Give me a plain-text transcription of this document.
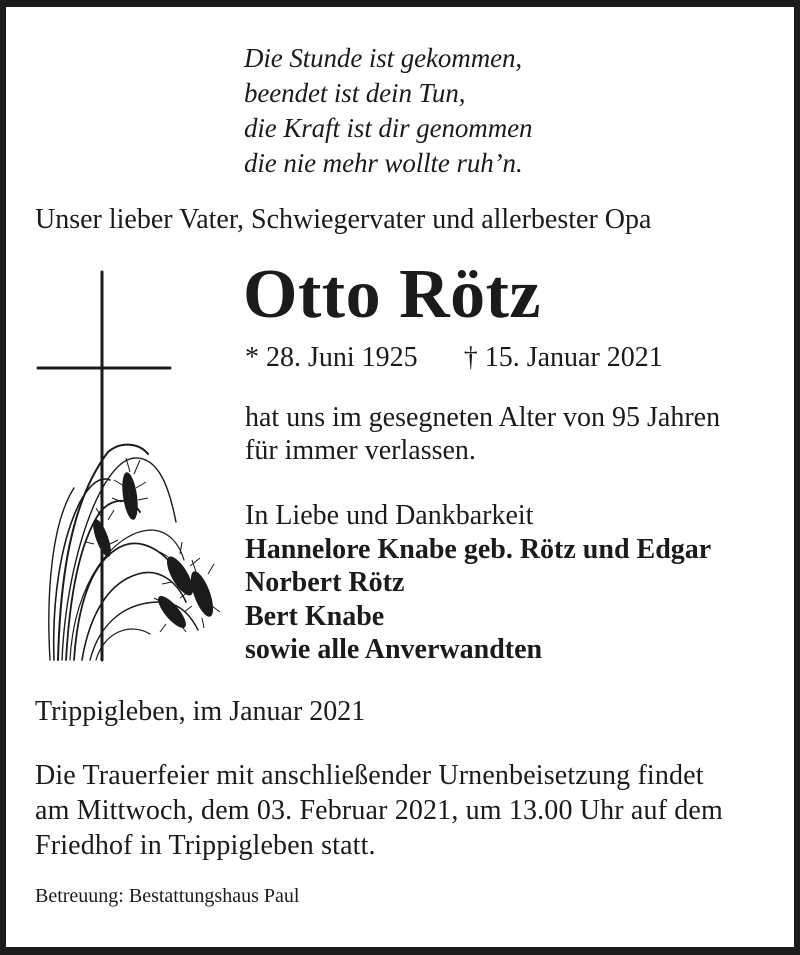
Die Stunde ist gekommen,
beendet ist dein Tun,
die Kraft ist dir genommen
die nie mehr wollte ruh’n.
Unser lieber Vater, Schwiegervater und allerbester Opa
Otto Rötz
* 28. Juni 1925 † 15. Januar 2021
hat uns im gesegneten Alter von 95 Jahren
für immer verlassen.
In Liebe und Dankbarkeit
Hannelore Knabe geb. Rötz und Edgar
Norbert Rötz
Bert Knabe
sowie alle Anverwandten
Trippigleben, im Januar 2021
Die Trauerfeier mit anschließender Urnenbeisetzung findet
am Mittwoch, dem 03. Februar 2021, um 13.00 Uhr auf dem
Friedhof in Trippigleben statt.
Betreuung: Bestattungshaus Paul
